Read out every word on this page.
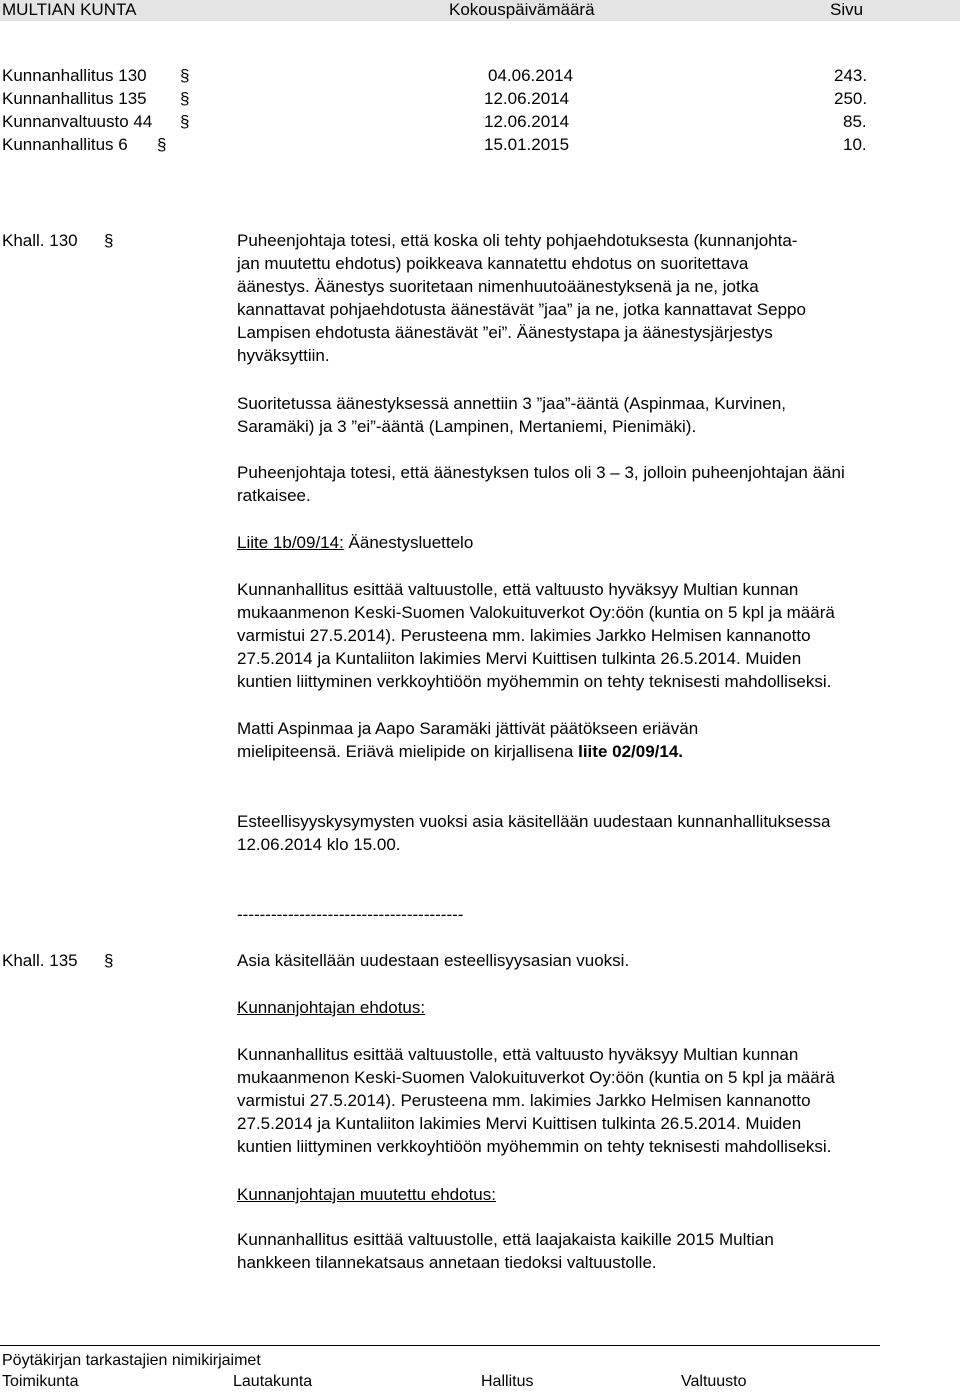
MULTIAN KUNTA	Kokouspäivämäärä	Sivu
Kunnanhallitus 130 §	04.06.2014	243.
Kunnanhallitus 135 §	12.06.2014	250.
Kunnanvaltuusto 44 §	12.06.2014	85.
Kunnanhallitus 6 §	15.01.2015	10.
Khall. 130 §	Puheenjohtaja totesi, että koska oli tehty pohjaehdotuksesta (kunnanjohta-

jan muutettu ehdotus) poikkeava kannatettu ehdotus on suoritettava

äänestys. Äänestys suoritetaan nimenhuutoäänestyksenä ja ne, jotka

kannattavat pohjaehdotusta äänestävät ”jaa” ja ne, jotka kannattavat Seppo

Lampisen ehdotusta äänestävät ”ei”. Äänestystapa ja äänestysjärjestys

hyväksyttiin.

Suoritetussa äänestyksessä annettiin 3 ”jaa”-ääntä (Aspinmaa, Kurvinen,

Saramäki) ja 3 ”ei”-ääntä (Lampinen, Mertaniemi, Pienimäki).

Puheenjohtaja totesi, että äänestyksen tulos oli 3 – 3, jolloin puheenjohtajan ääni

ratkaisee.

Liite 1b/09/14: Äänestysluettelo

Kunnanhallitus esittää valtuustolle, että valtuusto hyväksyy Multian kunnan

mukaanmenon Keski-Suomen Valokuituverkot Oy:öön (kuntia on 5 kpl ja määrä

varmistui 27.5.2014). Perusteena mm. lakimies Jarkko Helmisen kannanotto

27.5.2014 ja Kuntaliiton lakimies Mervi Kuittisen tulkinta 26.5.2014. Muiden

kuntien liittyminen verkkoyhtiöön myöhemmin on tehty teknisesti mahdolliseksi.

Matti Aspinmaa ja Aapo Saramäki jättivät päätökseen eriävän

mielipiteensä. Eriävä mielipide on kirjallisena liite 02/09/14.

Esteellisyyskysymysten vuoksi asia käsitellään uudestaan kunnanhallituksessa

12.06.2014 klo 15.00.

----------------------------------------
Khall. 135 §	Asia käsitellään uudestaan esteellisyysasian vuoksi.

Kunnanjohtajan ehdotus:

Kunnanhallitus esittää valtuustolle, että valtuusto hyväksyy Multian kunnan

mukaanmenon Keski-Suomen Valokuituverkot Oy:öön (kuntia on 5 kpl ja määrä

varmistui 27.5.2014). Perusteena mm. lakimies Jarkko Helmisen kannanotto

27.5.2014 ja Kuntaliiton lakimies Mervi Kuittisen tulkinta 26.5.2014. Muiden

kuntien liittyminen verkkoyhtiöön myöhemmin on tehty teknisesti mahdolliseksi.

Kunnanjohtajan muutettu ehdotus:

Kunnanhallitus esittää valtuustolle, että laajakaista kaikille 2015 Multian

hankkeen tilannekatsaus annetaan tiedoksi valtuustolle.

Pöytäkirjan tarkastajien nimikirjaimet
Toimikunta	Lautakunta	Hallitus	Valtuusto
